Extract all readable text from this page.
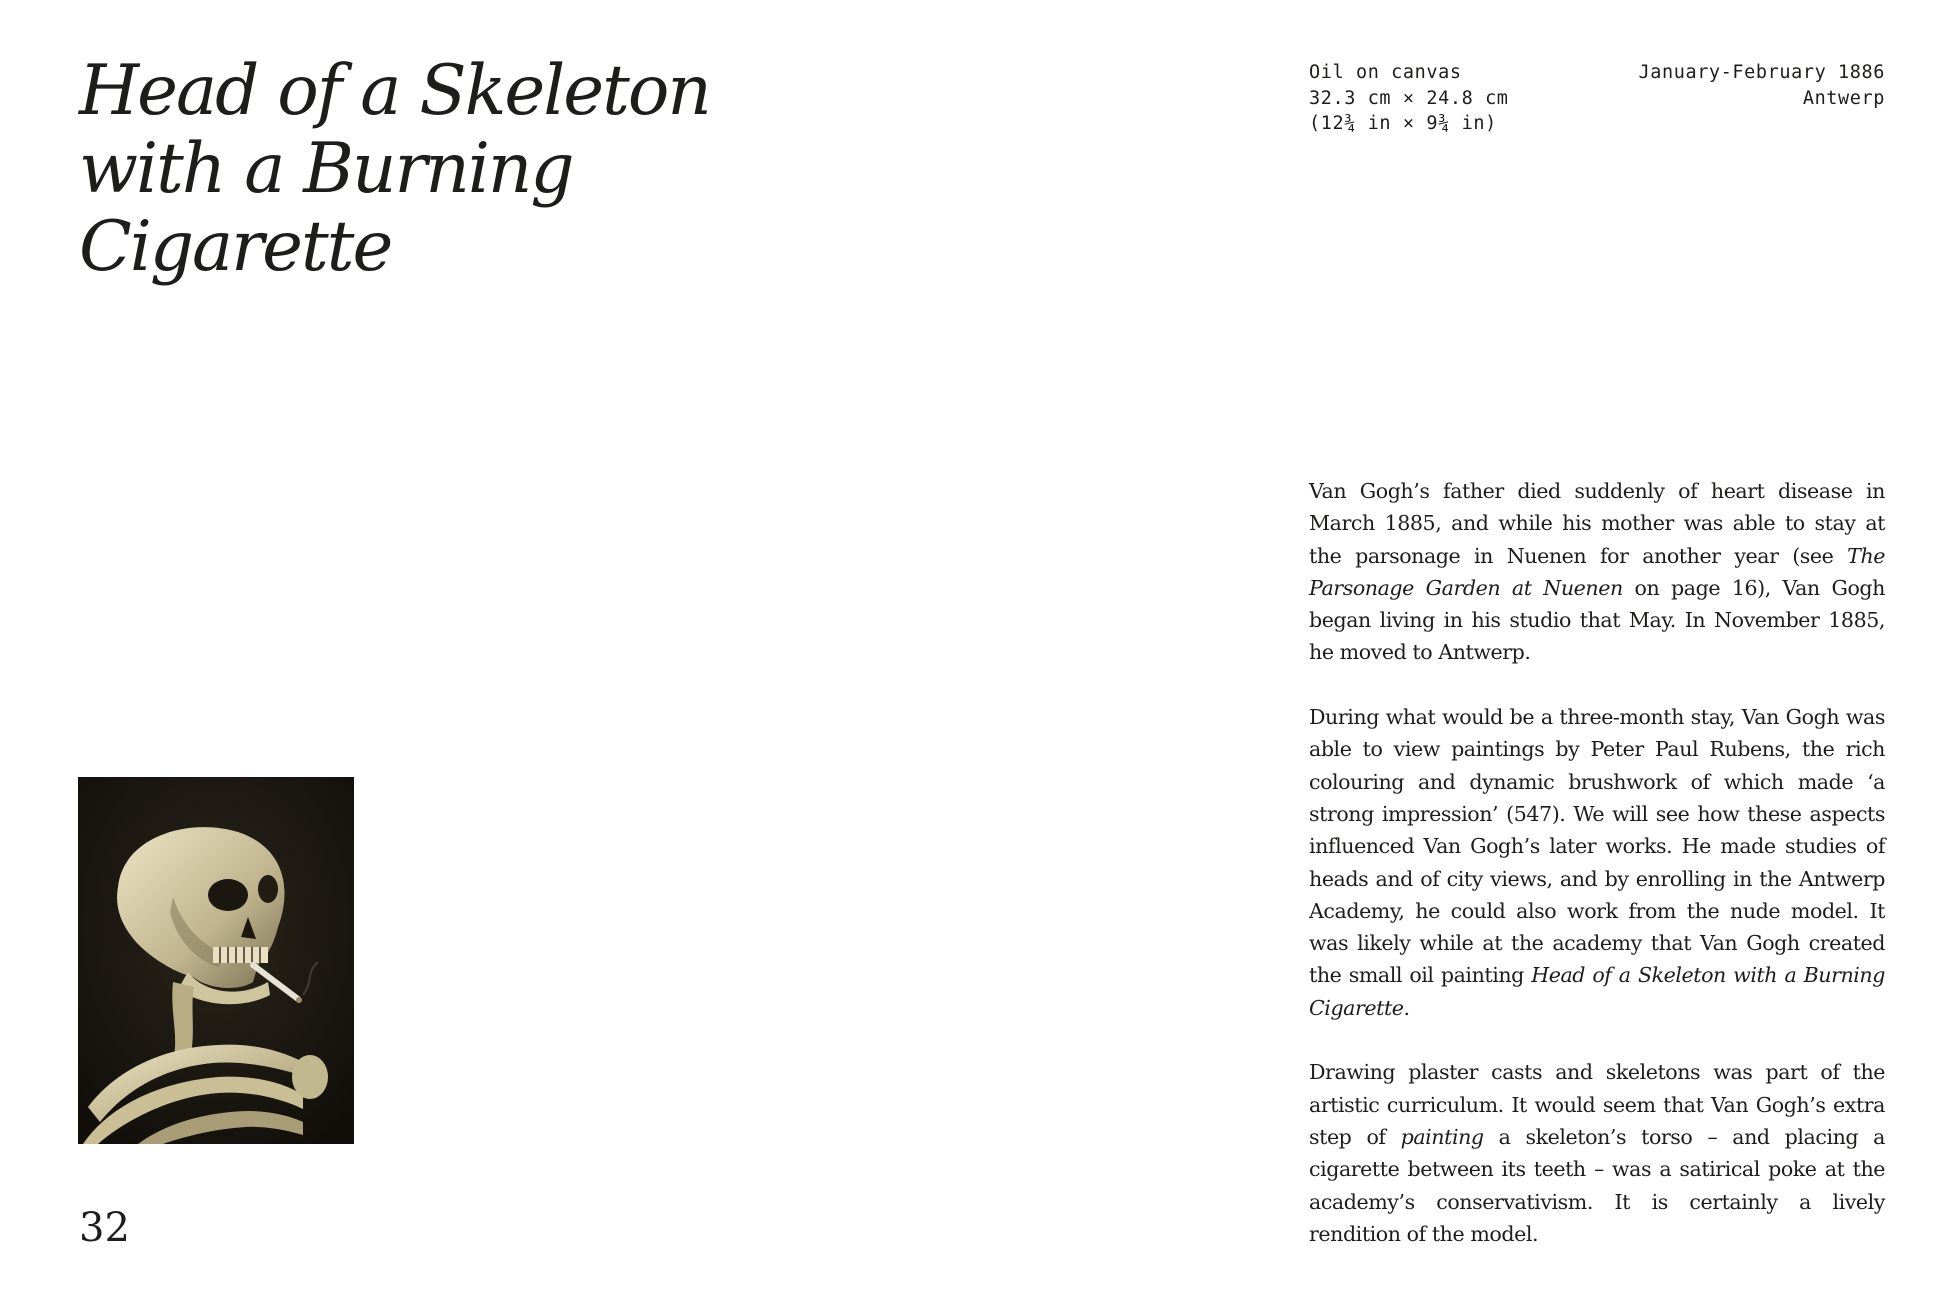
Head of a Skeleton
with a Burning
Cigarette
32
Oil on canvas
32.3 cm × 24.8 cm
(12¾ in × 9¾ in)
January-February 1886
Antwerp

Van Gogh’s father died suddenly of heart disease in March 1885, and while his mother was able to stay at the parsonage in Nuenen for another year (see The Parsonage Garden at Nuenen on page 16), Van Gogh began living in his studio that May. In November 1885, he moved to Antwerp.

During what would be a three-month stay, Van Gogh was able to view paintings by Peter Paul Rubens, the rich colouring and dynamic brushwork of which made ‘a strong impression’ (547). We will see how these aspects influenced Van Gogh’s later works. He made studies of heads and of city views, and by enrolling in the Antwerp Academy, he could also work from the nude model. It was likely while at the academy that Van Gogh created the small oil painting Head of a Skeleton with a Burning Cigarette.

Drawing plaster casts and skeletons was part of the artistic curriculum. It would seem that Van Gogh’s extra step of painting a skeleton’s torso – and placing a cigarette between its teeth – was a satirical poke at the academy’s conservativism. It is certainly a lively rendition of the model.
